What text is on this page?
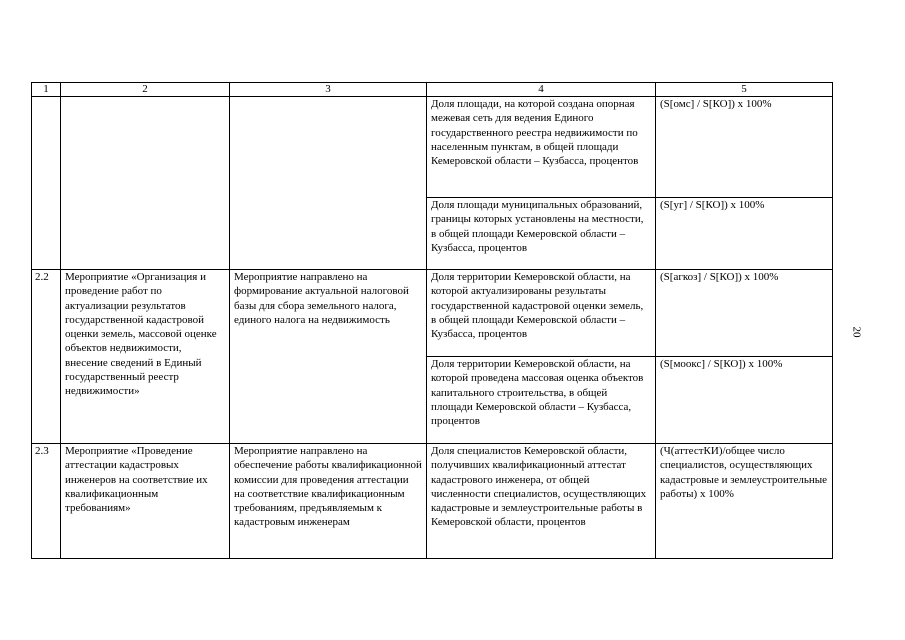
1	2	3	4	5
			Доля площади, на которой создана опорная межевая сеть для ведения Единого государственного реестра недвижимости по населенным пунктам, в общей площади Кемеровской области – Кузбасса, процентов	(S[омс] / S[КО]) x 100%
			Доля площади муниципальных образований, границы которых установлены на местности, в общей площади Кемеровской области – Кузбасса, процентов	(S[уг] / S[КО]) x 100%
2.2	Мероприятие «Организация и проведение работ по актуализации результатов государственной кадастровой оценки земель, массовой оценке объектов недвижимости, внесение сведений в Единый государственный реестр недвижимости»	Мероприятие направлено на формирование актуальной налоговой базы для сбора земельного налога, единого налога на недвижимость	Доля территории Кемеровской области, на которой актуализированы результаты государственной кадастровой оценки земель, в общей площади Кемеровской области – Кузбасса, процентов	(S[агкоз] / S[КО]) x 100%
			Доля территории Кемеровской области, на которой проведена массовая оценка объектов капитального строительства, в общей площади Кемеровской области – Кузбасса, процентов	(S[моокс] / S[КО]) x 100%
2.3	Мероприятие «Проведение аттестации кадастровых инженеров на соответствие их квалификационным требованиям»	Мероприятие направлено на обеспечение работы квалификационной комиссии для проведения аттестации на соответствие квалификационным требованиям, предъявляемым к кадастровым инженерам	Доля специалистов Кемеровской области, получивших квалификационный аттестат кадастрового инженера, от общей численности специалистов, осуществляющих кадастровые и землеустроительные работы в Кемеровской области, процентов	(Ч(аттестКИ)/общее число специалистов, осуществляющих кадастровые и землеустроительные работы) x 100%
20
